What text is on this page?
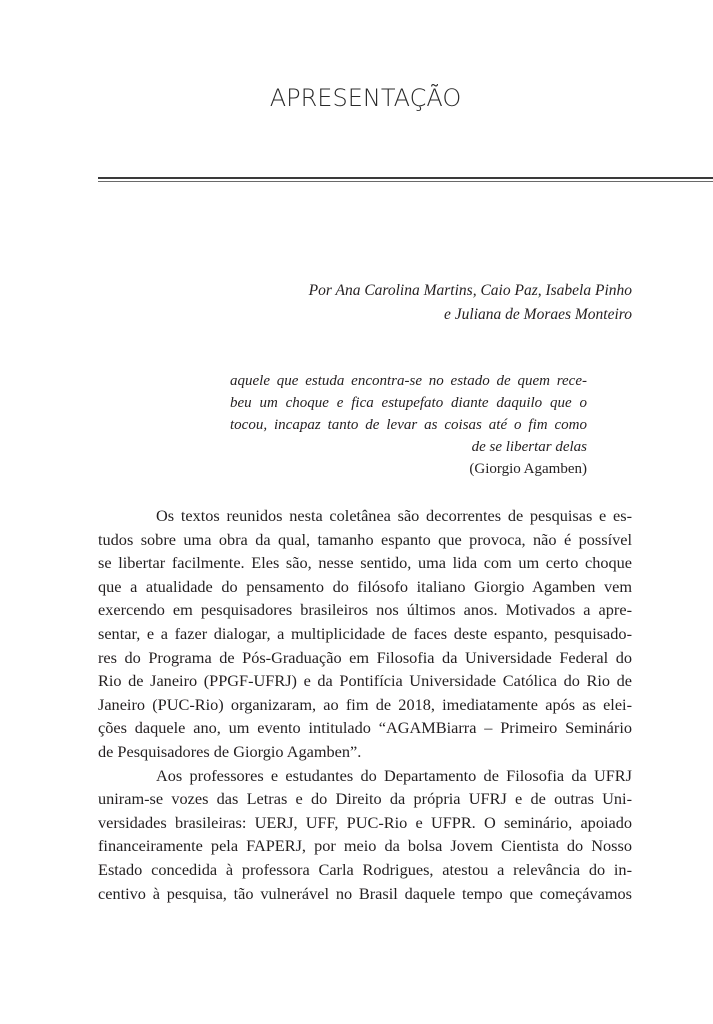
APRESENTAÇÃO
Por Ana Carolina Martins, Caio Paz, Isabela Pinho
e Juliana de Moraes Monteiro
aquele que estuda encontra-se no estado de quem rece-
beu um choque e fica estupefato diante daquilo que o
tocou, incapaz tanto de levar as coisas até o fim como
de se libertar delas
(Giorgio Agamben)
Os textos reunidos nesta coletânea são decorrentes de pesquisas e es-
tudos sobre uma obra da qual, tamanho espanto que provoca, não é possível
se libertar facilmente. Eles são, nesse sentido, uma lida com um certo choque
que a atualidade do pensamento do filósofo italiano Giorgio Agamben vem
exercendo em pesquisadores brasileiros nos últimos anos. Motivados a apre-
sentar, e a fazer dialogar, a multiplicidade de faces deste espanto, pesquisado-
res do Programa de Pós-Graduação em Filosofia da Universidade Federal do
Rio de Janeiro (PPGF-UFRJ) e da Pontifícia Universidade Católica do Rio de
Janeiro (PUC-Rio) organizaram, ao fim de 2018, imediatamente após as elei-
ções daquele ano, um evento intitulado “AGAMBiarra – Primeiro Seminário
de Pesquisadores de Giorgio Agamben”.
Aos professores e estudantes do Departamento de Filosofia da UFRJ
uniram-se vozes das Letras e do Direito da própria UFRJ e de outras Uni-
versidades brasileiras: UERJ, UFF, PUC-Rio e UFPR. O seminário, apoiado
financeiramente pela FAPERJ, por meio da bolsa Jovem Cientista do Nosso
Estado concedida à professora Carla Rodrigues, atestou a relevância do in-
centivo à pesquisa, tão vulnerável no Brasil daquele tempo que começávamos
